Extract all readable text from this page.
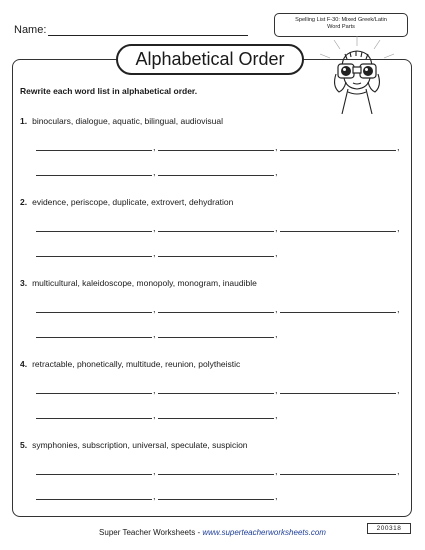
Name:
Spelling List F-30: Mixed Greek/Latin
Word Parts
Alphabetical Order
Rewrite each word list in alphabetical order.
1. binoculars, dialogue, aquatic, bilingual, audiovisual
,	,	,
,	,
2. evidence, periscope, duplicate, extrovert, dehydration
,	,	,
,	,
3. multicultural, kaleidoscope, monopoly, monogram, inaudible
,	,	,
,	,
4. retractable, phonetically, multitude, reunion, polytheistic
,	,	,
,	,
5. symphonies, subscription, universal, speculate, suspicion
,	,	,
,	,
Super Teacher Worksheets - www.superteacherworksheets.com	200318
